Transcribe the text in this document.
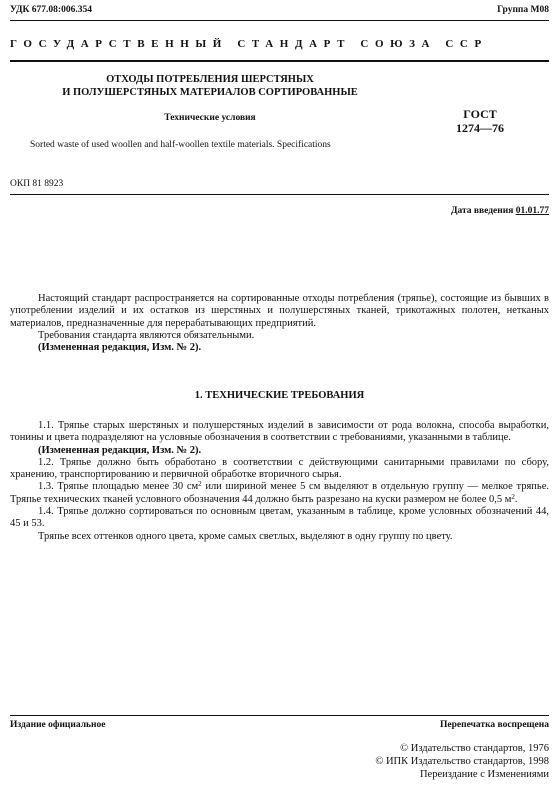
УДК 677.08:006.354	Группа М08
ГОСУДАРСТВЕННЫЙ СТАНДАРТ СОЮЗА ССР
ОТХОДЫ ПОТРЕБЛЕНИЯ ШЕРСТЯНЫХ
И ПОЛУШЕРСТЯНЫХ МАТЕРИАЛОВ СОРТИРОВАННЫЕ
Технические условия
Sorted waste of used woollen and half-woollen textile materials. Specifications
ГОСТ
1274—76
ОКП 81 8923
Дата введения 01.01.77

Настоящий стандарт распространяется на сортированные отходы потребления (тряпье), состоящие из бывших в употреблении изделий и их остатков из шерстяных и полушерстяных тканей, трикотажных полотен, нетканых материалов, предназначенные для перерабатывающих предприятий.

Требования стандарта являются обязательными.

(Измененная редакция, Изм. № 2).

1. ТЕХНИЧЕСКИЕ ТРЕБОВАНИЯ

1.1. Тряпье старых шерстяных и полушерстяных изделий в зависимости от рода волокна, способа выработки, тонины и цвета подразделяют на условные обозначения в соответствии с требованиями, указанными в таблице.

(Измененная редакция, Изм. № 2).

1.2. Тряпье должно быть обработано в соответствии с действующими санитарными правилами по сбору, хранению, транспортированию и первичной обработке вторичного сырья.

1.3. Тряпье площадью менее 30 $см^2$ или шириной менее 5 см выделяют в отдельную группу — мелкое тряпье. Тряпье технических тканей условного обозначения 44 должно быть разрезано на куски размером не более 0,5 $м^2$.

1.4. Тряпье должно сортироваться по основным цветам, указанным в таблице, кроме условных обозначений 44, 45 и 53.

Тряпье всех оттенков одного цвета, кроме самых светлых, выделяют в одну группу по цвету.

Издание официальное	Перепечатка воспрещена
© Издательство стандартов, 1976
© ИПК Издательство стандартов, 1998
Переиздание с Изменениями
